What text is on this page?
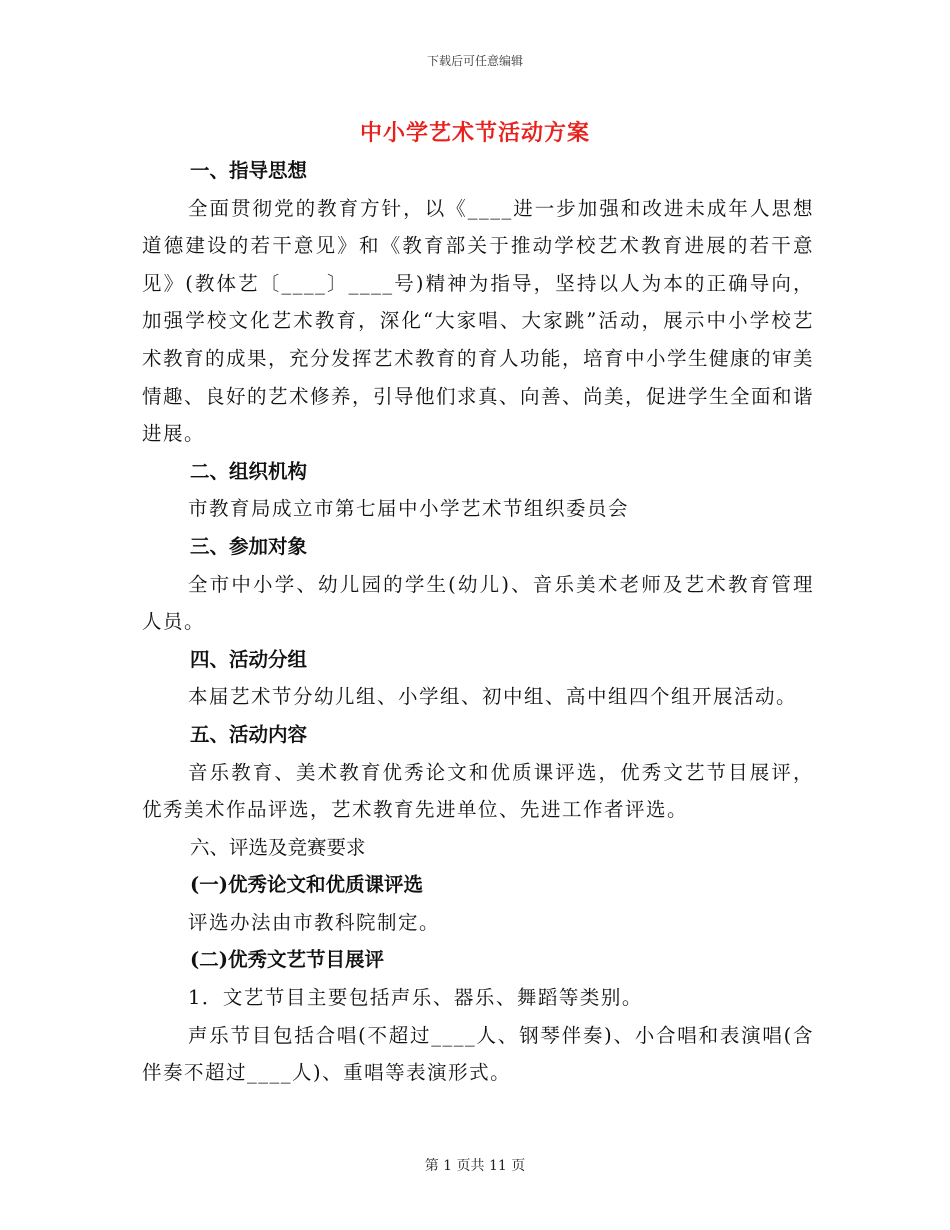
下载后可任意编辑
中小学艺术节活动方案

一、指导思想

全面贯彻党的教育方针，以《____进一步加强和改进未成年人思想道德建设的若干意见》和《教育部关于推动学校艺术教育进展的若干意见》(教体艺〔____〕____号)精神为指导，坚持以人为本的正确导向，加强学校文化艺术教育，深化“大家唱、大家跳”活动，展示中小学校艺术教育的成果，充分发挥艺术教育的育人功能，培育中小学生健康的审美情趣、良好的艺术修养，引导他们求真、向善、尚美，促进学生全面和谐进展。

二、组织机构

市教育局成立市第七届中小学艺术节组织委员会

三、参加对象

全市中小学、幼儿园的学生(幼儿)、音乐美术老师及艺术教育管理人员。

四、活动分组

本届艺术节分幼儿组、小学组、初中组、高中组四个组开展活动。

五、活动内容

音乐教育、美术教育优秀论文和优质课评选，优秀文艺节目展评，优秀美术作品评选，艺术教育先进单位、先进工作者评选。

六、评选及竞赛要求

(一)优秀论文和优质课评选

评选办法由市教科院制定。

(二)优秀文艺节目展评

1．文艺节目主要包括声乐、器乐、舞蹈等类别。

声乐节目包括合唱(不超过____人、钢琴伴奏)、小合唱和表演唱(含伴奏不超过____人)、重唱等表演形式。

第 1 页共 11 页
